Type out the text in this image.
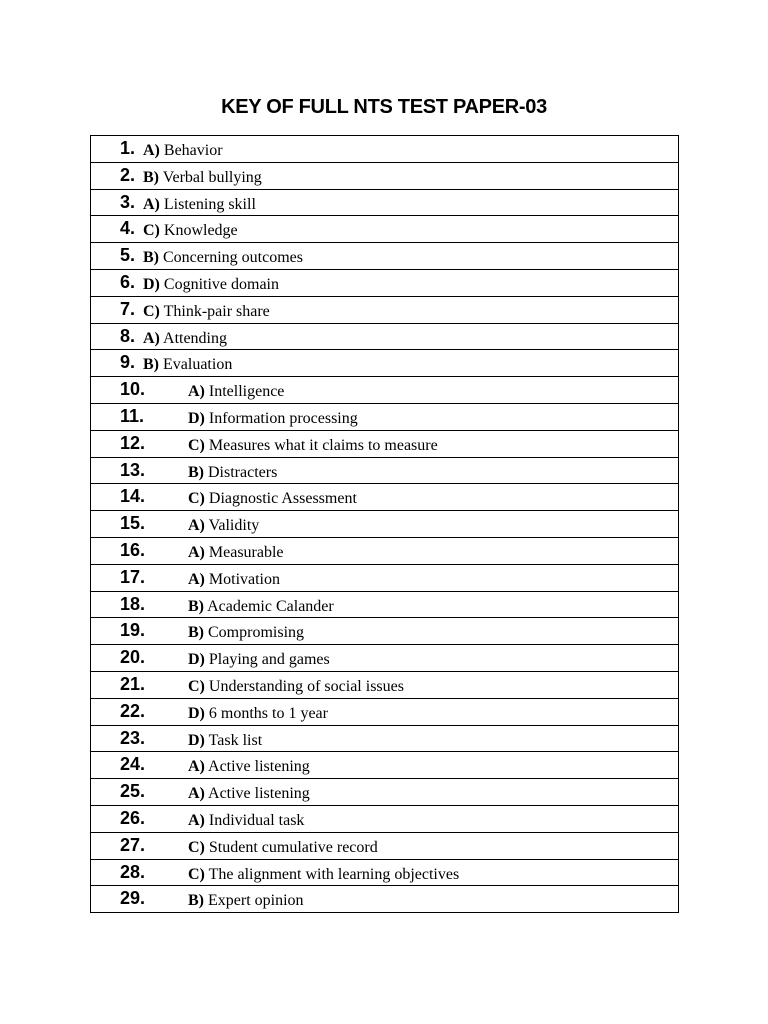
KEY OF FULL NTS TEST PAPER-03
1. A) Behavior

2. B) Verbal bullying

3. A) Listening skill

4. C) Knowledge

5. B) Concerning outcomes

6. D) Cognitive domain

7. C) Think-pair share

8. A) Attending

9. B) Evaluation

10.	A) Intelligence

11.	D) Information processing

12.	C) Measures what it claims to measure

13.	B) Distracters

14.	C) Diagnostic Assessment

15.	A) Validity

16.	A) Measurable

17.	A) Motivation

18.	B) Academic Calander

19.	B) Compromising

20.	D) Playing and games

21.	C) Understanding of social issues

22.	D) 6 months to 1 year

23.	D) Task list

24.	A) Active listening

25.	A) Active listening

26.	A) Individual task

27.	C) Student cumulative record

28.	C) The alignment with learning objectives

29.	B) Expert opinion
